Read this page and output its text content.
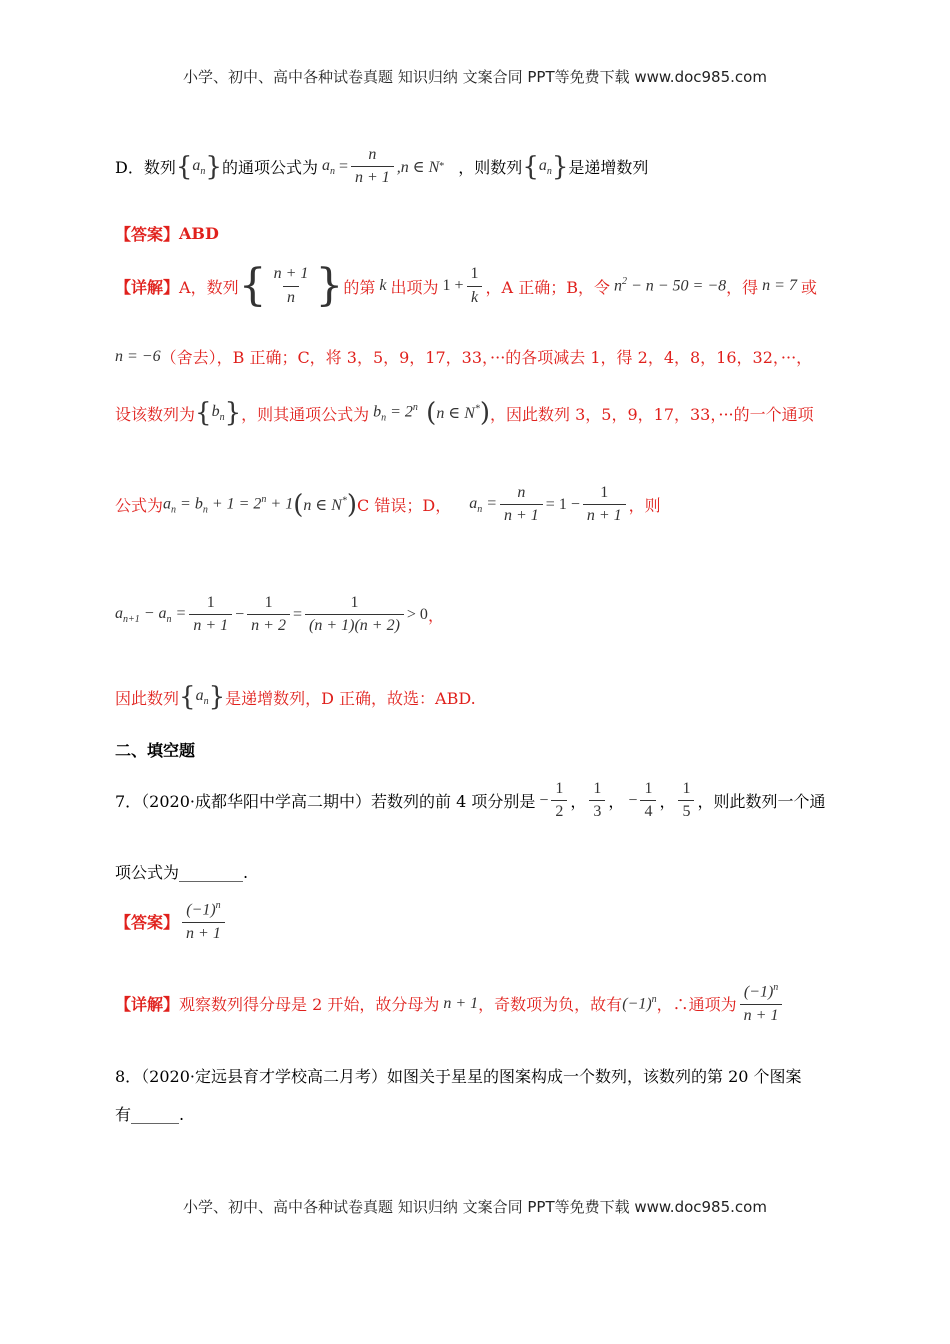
小学、初中、高中各种试卷真题 知识归纳 文案合同 PPT等免费下载 www.doc985.com
D．数列 { $a_n$ } 的通项公式为 $a_n = \frac{n}{n + 1} ,n$ ∈ N * ，则数列 { $a_n$ } 是递增数列
【答案】 ABD
【详解】 A，数列 { $\frac{n + 1}{n}$ } 的第 k 出项为 $1 + \frac{1}{k}$ ，A 正确；B，令 $n^2 - n - 50 = -8$ ，得 n = 7 或
n = −6 （舍去），B 正确；C，将 3，5，9，17，33，···的各项减去 1，得 2，4，8，16，32，···，
设该数列为 { $b_n$ } ，则其通项公式为 $b_n = 2^n$ ( n ∈ N* ) ，因此数列 3，5，9，17，33，···的一个通项
公式为 $a_n = b_n + 1 = 2^n + 1$ ( n ∈ N* ) C 错误；D， $a_n = \frac{n}{n + 1} = 1 - \frac{1}{n + 1}$ ，则
$a_{n+1} - a_n = \frac{1}{n + 1} - \frac{1}{n + 2} = \frac{1}{(n + 1)(n + 2)} > 0$ ，
因此数列 { $a_n$ } 是递增数列，D 正确，故选：ABD.
二、填空题
7．（2020·成都华阳中学高二期中）若数列的前 4 项分别是 − $\frac{1}{2}$ ， $\frac{1}{3}$ ， − $\frac{1}{4}$ ， $\frac{1}{5}$ ，则此数列一个通
项公式为________.
【答案】 $\frac{(-1)^n}{n + 1}$
【详解】 观察数列得分母是 2 开始，故分母为 n + 1 ，奇数项为负，故有 $(-1)^n$ ，∴通项为 $\frac{(-1)^n}{n + 1}$
8．（2020·定远县育才学校高二月考）如图关于星星的图案构成一个数列，该数列的第 20 个图案
有______.
小学、初中、高中各种试卷真题 知识归纳 文案合同 PPT等免费下载 www.doc985.com
